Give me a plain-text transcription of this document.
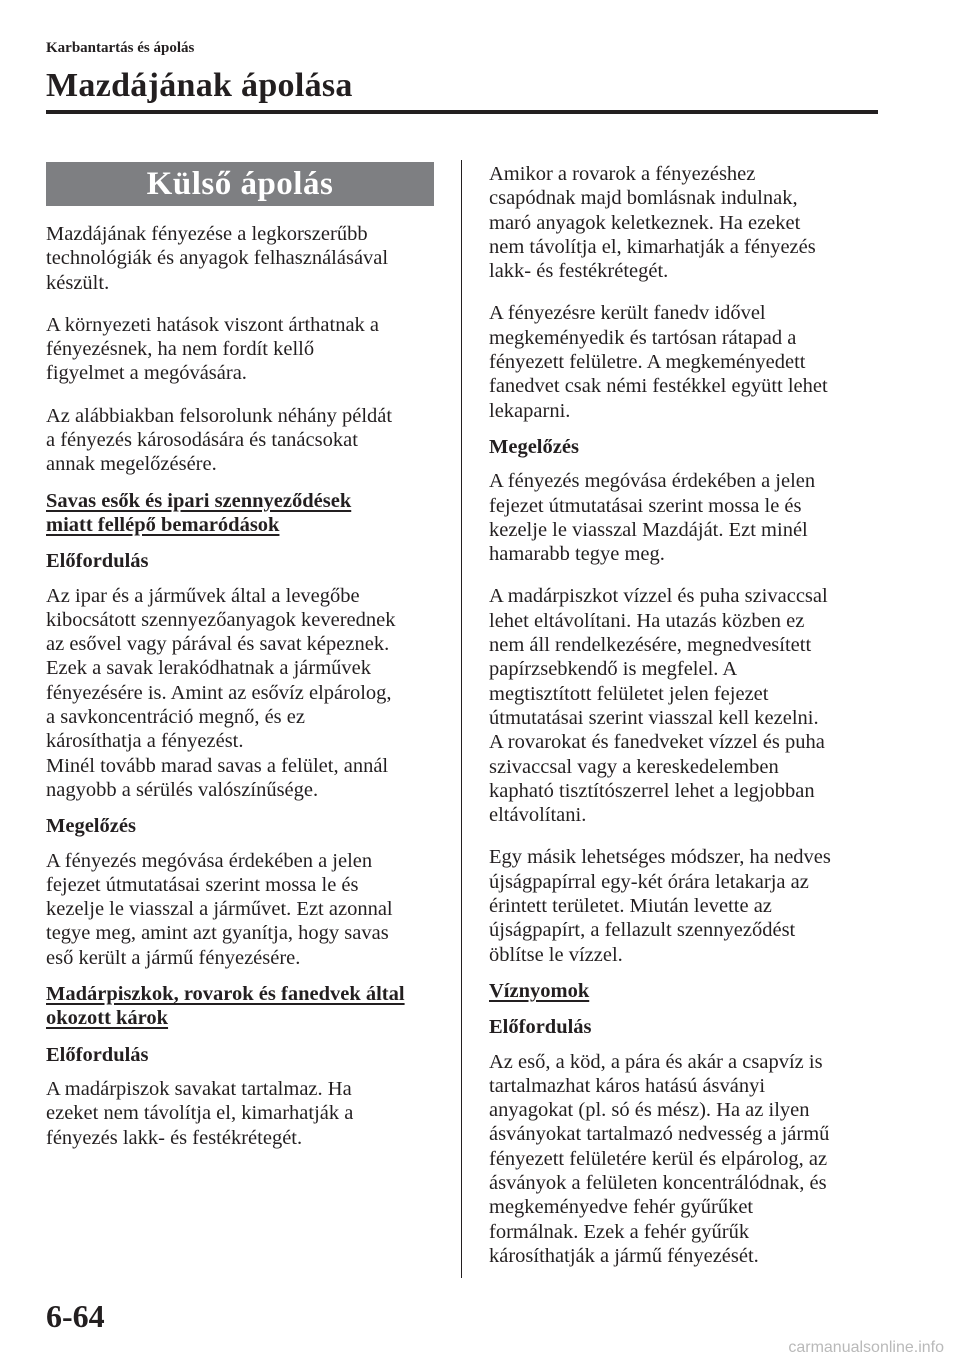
Karbantartás és ápolás
Mazdájának ápolása
Külső ápolás
Mazdájának fényezése a legkorszerűbb
technológiák és anyagok felhasználásával
készült.
A környezeti hatások viszont árthatnak a
fényezésnek, ha nem fordít kellő
figyelmet a megóvására.
Az alábbiakban felsorolunk néhány példát
a fényezés károsodására és tanácsokat
annak megelőzésére.
Savas esők és ipari szennyeződések
miatt fellépő bemaródások
Előfordulás
Az ipar és a járművek által a levegőbe
kibocsátott szennyezőanyagok keverednek
az esővel vagy párával és savat képeznek.
Ezek a savak lerakódhatnak a járművek
fényezésére is. Amint az esővíz elpárolog,
a savkoncentráció megnő, és ez
károsíthatja a fényezést.
Minél tovább marad savas a felület, annál
nagyobb a sérülés valószínűsége.
Megelőzés
A fényezés megóvása érdekében a jelen
fejezet útmutatásai szerint mossa le és
kezelje le viasszal a járművet. Ezt azonnal
tegye meg, amint azt gyanítja, hogy savas
eső került a jármű fényezésére.
Madárpiszkok, rovarok és fanedvek által
okozott károk
Előfordulás
A madárpiszok savakat tartalmaz. Ha
ezeket nem távolítja el, kimarhatják a
fényezés lakk- és festékrétegét.
Amikor a rovarok a fényezéshez
csapódnak majd bomlásnak indulnak,
maró anyagok keletkeznek. Ha ezeket
nem távolítja el, kimarhatják a fényezés
lakk- és festékrétegét.
A fényezésre került fanedv idővel
megkeményedik és tartósan rátapad a
fényezett felületre. A megkeményedett
fanedvet csak némi festékkel együtt lehet
lekaparni.
Megelőzés
A fényezés megóvása érdekében a jelen
fejezet útmutatásai szerint mossa le és
kezelje le viasszal Mazdáját. Ezt minél
hamarabb tegye meg.
A madárpiszkot vízzel és puha szivaccsal
lehet eltávolítani. Ha utazás közben ez
nem áll rendelkezésére, megnedvesített
papírzsebkendő is megfelel. A
megtisztított felületet jelen fejezet
útmutatásai szerint viasszal kell kezelni.
A rovarokat és fanedveket vízzel és puha
szivaccsal vagy a kereskedelemben
kapható tisztítószerrel lehet a legjobban
eltávolítani.
Egy másik lehetséges módszer, ha nedves
újságpapírral egy-két órára letakarja az
érintett területet. Miután levette az
újságpapírt, a fellazult szennyeződést
öblítse le vízzel.
Víznyomok
Előfordulás
Az eső, a köd, a pára és akár a csapvíz is
tartalmazhat káros hatású ásványi
anyagokat (pl. só és mész). Ha az ilyen
ásványokat tartalmazó nedvesség a jármű
fényezett felületére kerül és elpárolog, az
ásványok a felületen koncentrálódnak, és
megkeményedve fehér gyűrűket
formálnak. Ezek a fehér gyűrűk
károsíthatják a jármű fényezését.
6-64
carmanualsonline.info
